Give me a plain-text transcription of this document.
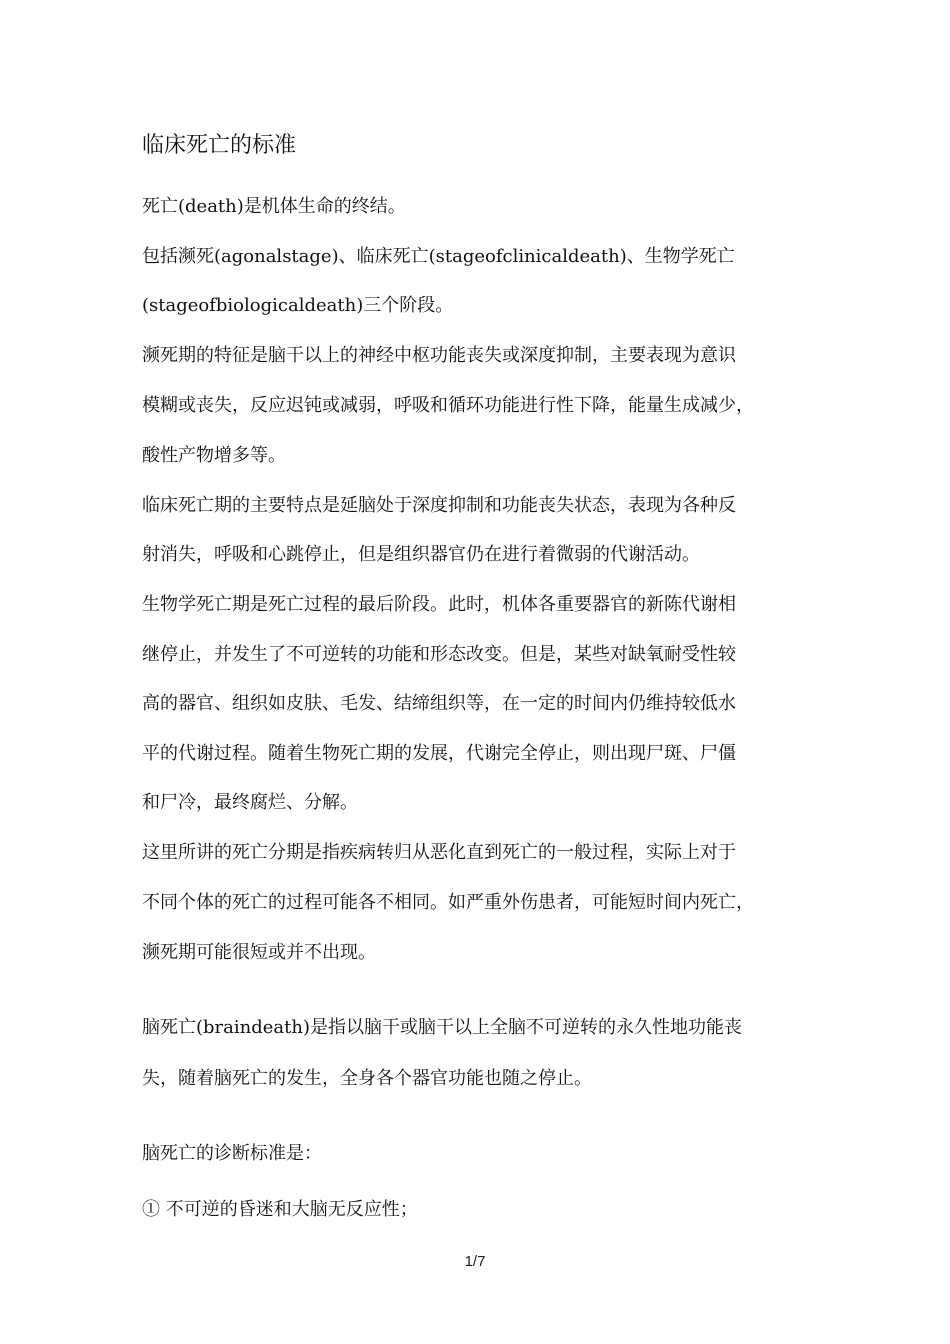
临床死亡的标准
死亡(death)是机体生命的终结。
包括濒死(agonalstage)、临床死亡(stageofclinicaldeath)、生物学死亡
(stageofbiologicaldeath)三个阶段。
濒死期的特征是脑干以上的神经中枢功能丧失或深度抑制，主要表现为意识
模糊或丧失，反应迟钝或减弱，呼吸和循环功能进行性下降，能量生成减少，
酸性产物增多等。
临床死亡期的主要特点是延脑处于深度抑制和功能丧失状态，表现为各种反
射消失，呼吸和心跳停止，但是组织器官仍在进行着微弱的代谢活动。
生物学死亡期是死亡过程的最后阶段。此时，机体各重要器官的新陈代谢相
继停止，并发生了不可逆转的功能和形态改变。但是，某些对缺氧耐受性较
高的器官、组织如皮肤、毛发、结缔组织等，在一定的时间内仍维持较低水
平的代谢过程。随着生物死亡期的发展，代谢完全停止，则出现尸斑、尸僵
和尸冷，最终腐烂、分解。
这里所讲的死亡分期是指疾病转归从恶化直到死亡的一般过程，实际上对于
不同个体的死亡的过程可能各不相同。如严重外伤患者，可能短时间内死亡，
濒死期可能很短或并不出现。
脑死亡(braindeath)是指以脑干或脑干以上全脑不可逆转的永久性地功能丧
失，随着脑死亡的发生，全身各个器官功能也随之停止。
脑死亡的诊断标准是：
① 不可逆的昏迷和大脑无反应性；
1/7
